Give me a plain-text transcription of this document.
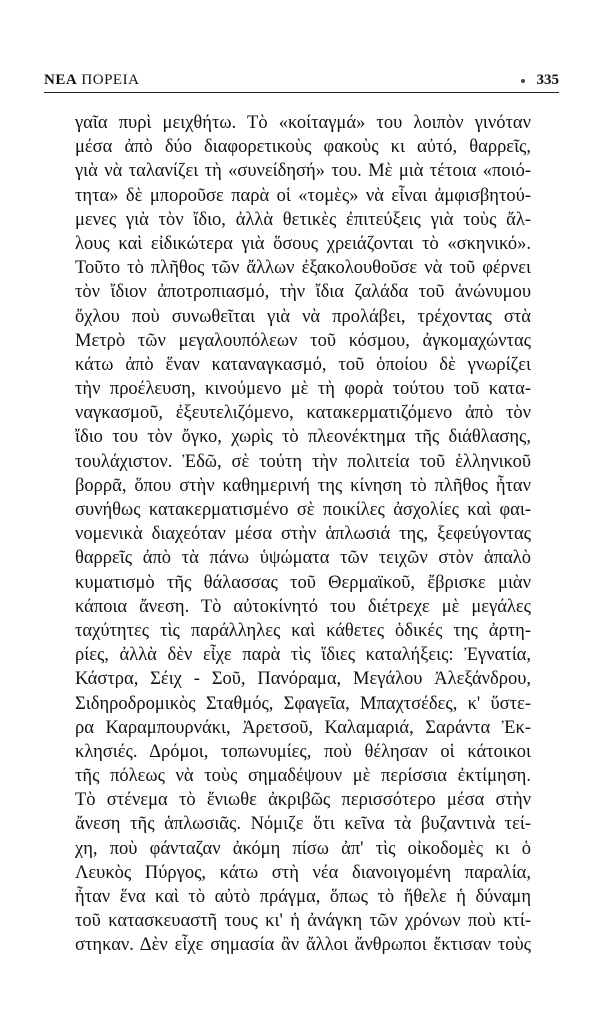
ΝΕΑ ΠΟΡΕΙΑ	335
γαῖα πυρὶ μειχθήτω. Τὸ «κοίταγμά» του λοιπὸν γινόταν
μέσα ἀπὸ δύο διαφορετικοὺς φακοὺς κι αὐτό, θαρρεῖς,
γιὰ νὰ ταλανίζει τὴ «συνείδησή» του. Μὲ μιὰ τέτοια «ποιό-
τητα» δὲ μποροῦσε παρὰ οἱ «τομὲς» νὰ εἶναι ἀμφισβητού-
μενες γιὰ τὸν ἴδιο, ἀλλὰ θετικὲς ἐπιτεύξεις γιὰ τοὺς ἄλ-
λους καὶ εἰδικώτερα γιὰ ὅσους χρειάζονται τὸ «σκηνικό».
Τοῦτο τὸ πλῆθος τῶν ἄλλων ἐξακολουθοῦσε νὰ τοῦ φέρνει
τὸν ἴδιον ἀποτροπιασμό, τὴν ἴδια ζαλάδα τοῦ ἀνώνυμου
ὄχλου ποὺ συνωθεῖται γιὰ νὰ προλάβει, τρέχοντας στὰ
Μετρὸ τῶν μεγαλουπόλεων τοῦ κόσμου, ἀγκομαχώντας
κάτω ἀπὸ ἕναν καταναγκασμό, τοῦ ὁποίου δὲ γνωρίζει
τὴν προέλευση, κινούμενο μὲ τὴ φορὰ τούτου τοῦ κατα-
ναγκασμοῦ, ἐξευτελιζόμενο, κατακερματιζόμενο ἀπὸ τὸν
ἴδιο του τὸν ὄγκο, χωρὶς τὸ πλεονέκτημα τῆς διάθλασης,
τουλάχιστον. Ἐδῶ, σὲ τούτη τὴν πολιτεία τοῦ ἑλληνικοῦ
βορρᾶ, ὅπου στὴν καθημερινή της κίνηση τὸ πλῆθος ἦταν
συνήθως κατακερματισμένο σὲ ποικίλες ἀσχολίες καὶ φαι-
νομενικὰ διαχεόταν μέσα στὴν ἁπλωσιά της, ξεφεύγοντας
θαρρεῖς ἀπὸ τὰ πάνω ὑψώματα τῶν τειχῶν στὸν ἁπαλὸ
κυματισμὸ τῆς θάλασσας τοῦ Θερμαϊκοῦ, ἔβρισκε μιὰν
κάποια ἄνεση. Τὸ αὐτοκίνητό του διέτρεχε μὲ μεγάλες
ταχύτητες τὶς παράλληλες καὶ κάθετες ὁδικές της ἀρτη-
ρίες, ἀλλὰ δὲν εἶχε παρὰ τὶς ἴδιες καταλήξεις: Ἐγνατία,
Κάστρα, Σέιχ - Σοῦ, Πανόραμα, Μεγάλου Ἀλεξάνδρου,
Σιδηροδρομικὸς Σταθμός, Σφαγεῖα, Μπαχτσέδες, κ' ὕστε-
ρα Καραμπουρνάκι, Ἀρετσοῦ, Καλαμαριά, Σαράντα Ἐκ-
κλησιές. Δρόμοι, τοπωνυμίες, ποὺ θέλησαν οἱ κάτοικοι
τῆς πόλεως νὰ τοὺς σημαδέψουν μὲ περίσσια ἐκτίμηση.
Τὸ στένεμα τὸ ἔνιωθε ἀκριβῶς περισσότερο μέσα στὴν
ἄνεση τῆς ἁπλωσιᾶς. Νόμιζε ὅτι κεῖνα τὰ βυζαντινὰ τεί-
χη, ποὺ φάνταζαν ἀκόμη πίσω ἀπ' τὶς οἰκοδομὲς κι ὁ
Λευκὸς Πύργος, κάτω στὴ νέα διανοιγομένη παραλία,
ἦταν ἕνα καὶ τὸ αὐτὸ πράγμα, ὅπως τὸ ἤθελε ἡ δύναμη
τοῦ κατασκευαστῆ τους κι' ἡ ἀνάγκη τῶν χρόνων ποὺ κτί-
στηκαν. Δὲν εἶχε σημασία ἂν ἄλλοι ἄνθρωποι ἔκτισαν τοὺς
